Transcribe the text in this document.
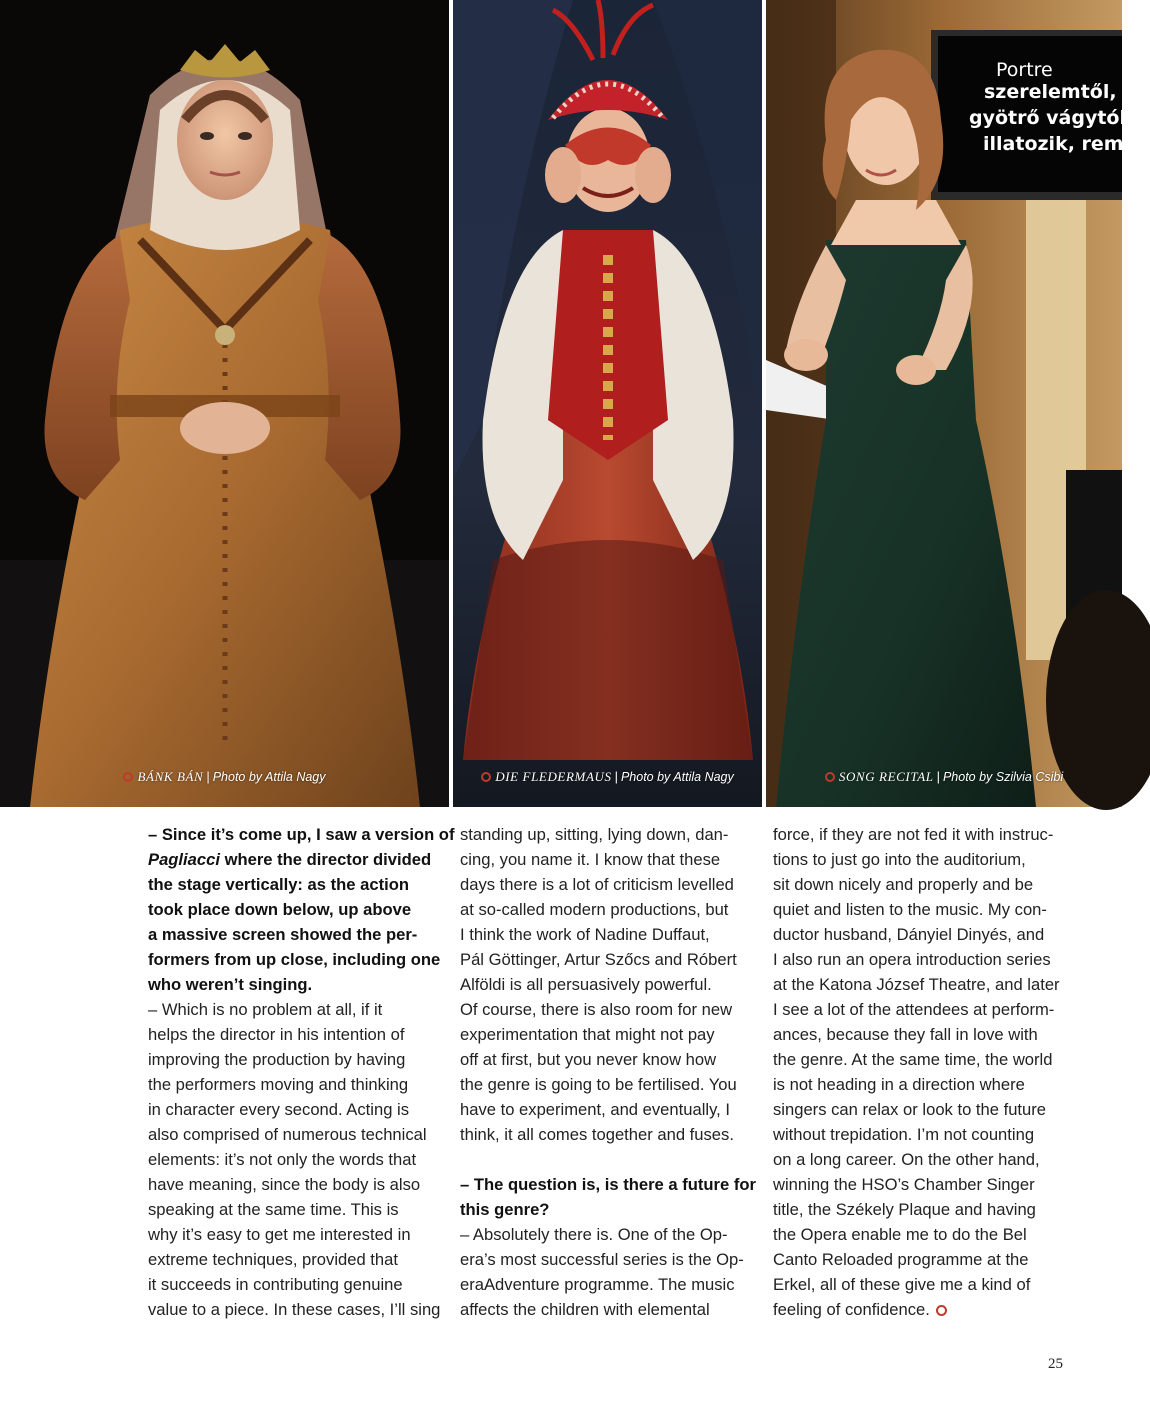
BÁNK BÁN | Photo by Attila Nagy	DIE FLEDERMAUS | Photo by Attila Nagy
Portre
szerelemtől,
gyötrő vágytól sí
illatozik, remeg
SONG RECITAL | Photo by Szilvia Csibi
– Since it’s come up, I saw a version of
Pagliacci where the director divided
the stage vertically: as the action
took place down below, up above
a massive screen showed the per-
formers from up close, including one
who weren’t singing.
– Which is no problem at all, if it
helps the director in his intention of
improving the production by having
the performers moving and thinking
in character every second. Acting is
also comprised of numerous technical
elements: it’s not only the words that
have meaning, since the body is also
speaking at the same time. This is
why it’s easy to get me interested in
extreme techniques, provided that
it succeeds in contributing genuine
value to a piece. In these cases, I’ll sing
standing up, sitting, lying down, dan-
cing, you name it. I know that these
days there is a lot of criticism levelled
at so-called modern productions, but
I think the work of Nadine Duffaut,
Pál Göttinger, Artur Szőcs and Róbert
Alföldi is all persuasively powerful.
Of course, there is also room for new
experimentation that might not pay
off at first, but you never know how
the genre is going to be fertilised. You
have to experiment, and eventually, I
think, it all comes together and fuses.
– The question is, is there a future for
this genre?
– Absolutely there is. One of the Op-
era’s most successful series is the Op-
eraAdventure programme. The music
affects the children with elemental
force, if they are not fed it with instruc-
tions to just go into the auditorium,
sit down nicely and properly and be
quiet and listen to the music. My con-
ductor husband, Dányiel Dinyés, and
I also run an opera introduction series
at the Katona József Theatre, and later
I see a lot of the attendees at perform-
ances, because they fall in love with
the genre. At the same time, the world
is not heading in a direction where
singers can relax or look to the future
without trepidation. I’m not counting
on a long career. On the other hand,
winning the HSO’s Chamber Singer
title, the Székely Plaque and having
the Opera enable me to do the Bel
Canto Reloaded programme at the
Erkel, all of these give me a kind of
feeling of confidence.
25
